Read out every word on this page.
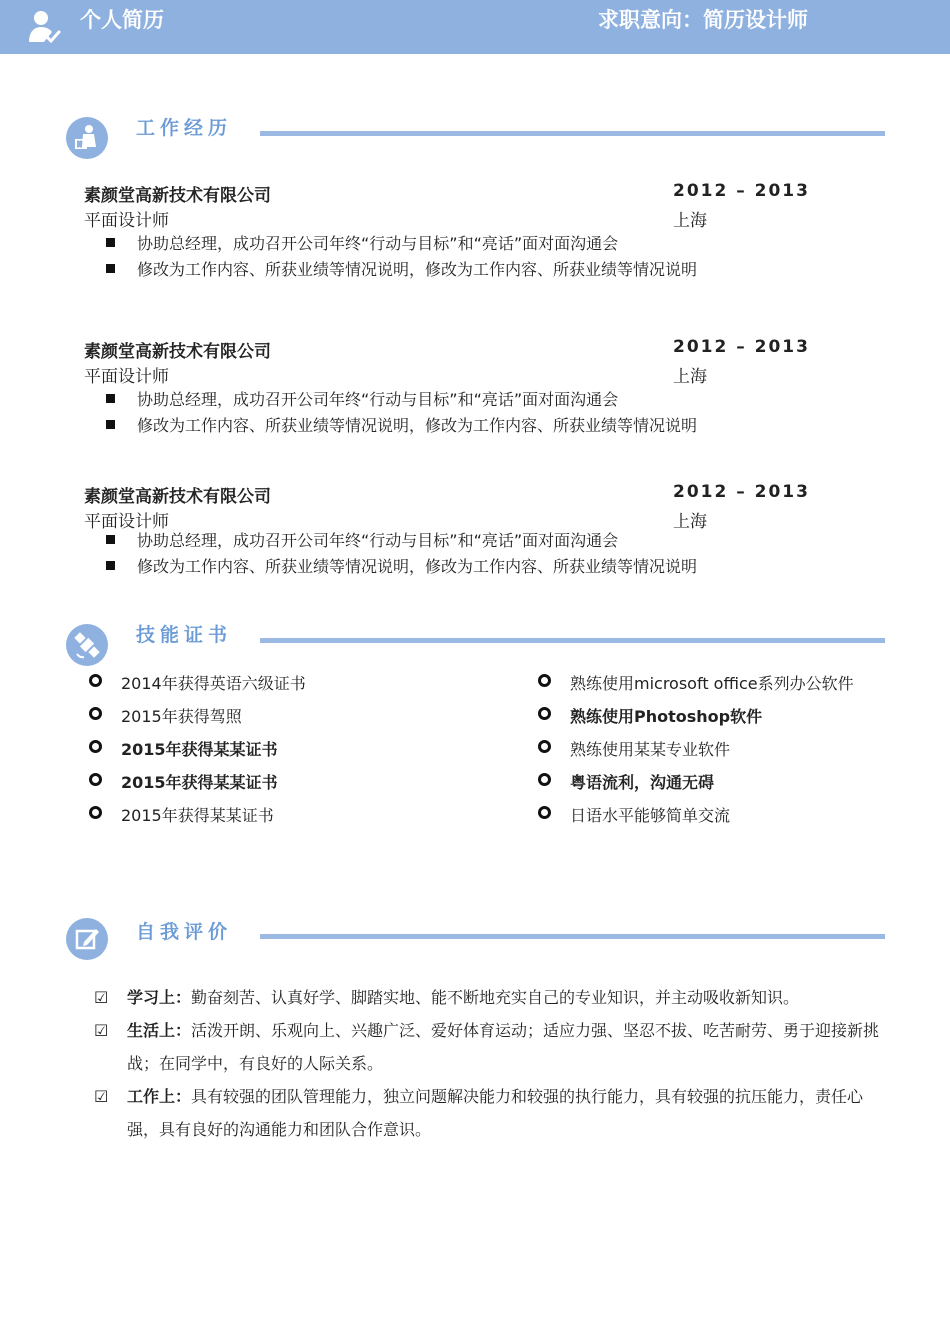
个人简历	求职意向：简历设计师
工作经历
素颜堂高新技术有限公司	2012 – 2013
平面设计师	上海
协助总经理，成功召开公司年终“行动与目标”和“亮话”面对面沟通会
修改为工作内容、所获业绩等情况说明，修改为工作内容、所获业绩等情况说明
素颜堂高新技术有限公司	2012 – 2013
平面设计师	上海
协助总经理，成功召开公司年终“行动与目标”和“亮话”面对面沟通会
修改为工作内容、所获业绩等情况说明，修改为工作内容、所获业绩等情况说明
素颜堂高新技术有限公司	2012 – 2013
平面设计师	上海
协助总经理，成功召开公司年终“行动与目标”和“亮话”面对面沟通会
修改为工作内容、所获业绩等情况说明，修改为工作内容、所获业绩等情况说明
技能证书
2014年获得英语六级证书
2015年获得驾照
2015年获得某某证书
2015年获得某某证书
2015年获得某某证书
熟练使用microsoft office系列办公软件
熟练使用Photoshop软件
熟练使用某某专业软件
粤语流利，沟通无碍
日语水平能够简单交流
自我评价
☑ 学习上：勤奋刻苦、认真好学、脚踏实地、能不断地充实自己的专业知识，并主动吸收新知识。
☑ 生活上：活泼开朗、乐观向上、兴趣广泛、爱好体育运动；适应力强、坚忍不拔、吃苦耐劳、勇于迎接新挑战；在同学中，有良好的人际关系。
☑ 工作上：具有较强的团队管理能力，独立问题解决能力和较强的执行能力，具有较强的抗压能力，责任心强，具有良好的沟通能力和团队合作意识。
